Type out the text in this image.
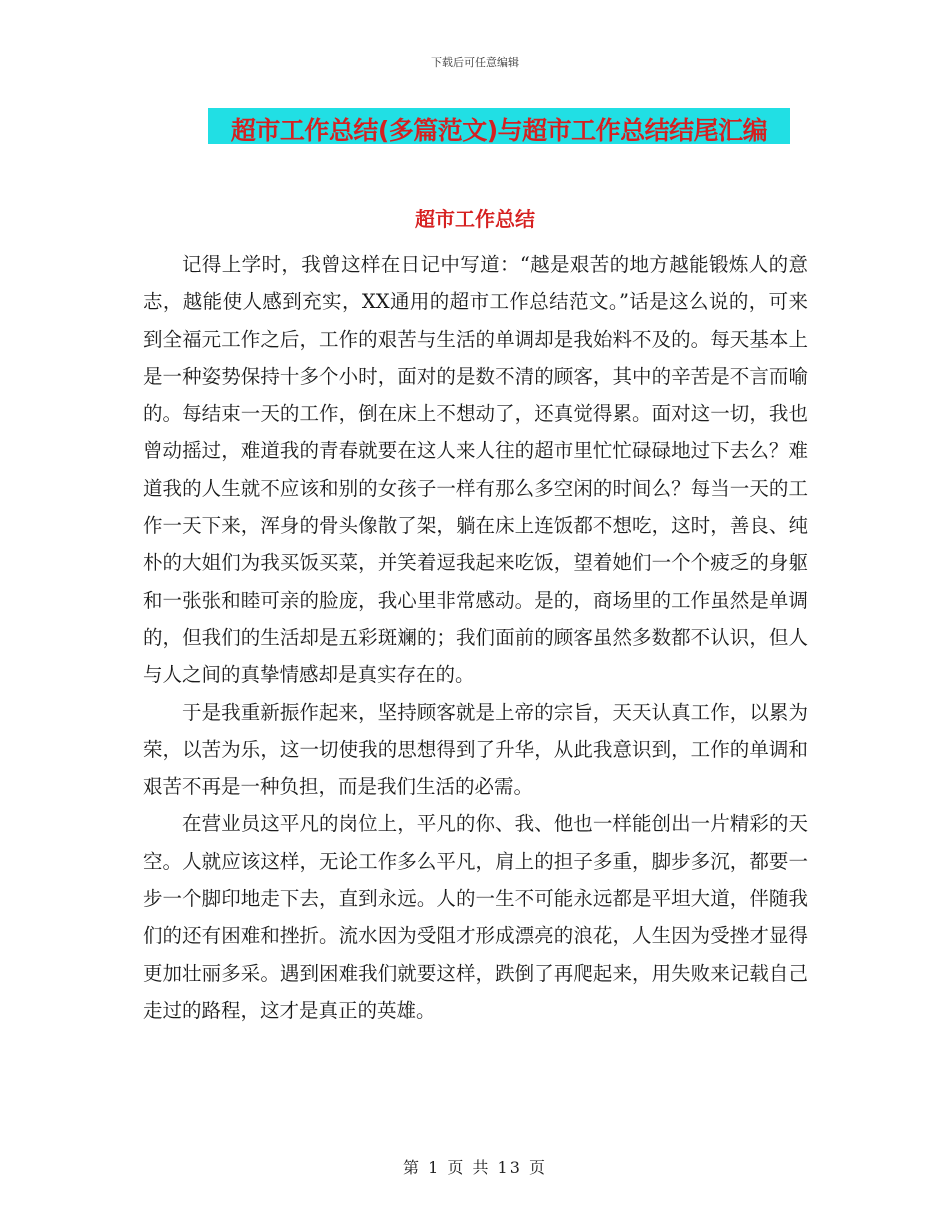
下载后可任意编辑
超市工作总结(多篇范文)与超市工作总结结尾汇编
超市工作总结

记得上学时，我曾这样在日记中写道：“越是艰苦的地方越能锻炼人的意志，越能使人感到充实，XX通用的超市工作总结范文。”话是这么说的，可来到全福元工作之后，工作的艰苦与生活的单调却是我始料不及的。每天基本上是一种姿势保持十多个小时，面对的是数不清的顾客，其中的辛苦是不言而喻的。每结束一天的工作，倒在床上不想动了，还真觉得累。面对这一切，我也曾动摇过，难道我的青春就要在这人来人往的超市里忙忙碌碌地过下去么？难道我的人生就不应该和别的女孩子一样有那么多空闲的时间么？每当一天的工作一天下来，浑身的骨头像散了架，躺在床上连饭都不想吃，这时，善良、纯朴的大姐们为我买饭买菜，并笑着逗我起来吃饭，望着她们一个个疲乏的身躯和一张张和睦可亲的脸庞，我心里非常感动。是的，商场里的工作虽然是单调的，但我们的生活却是五彩斑斓的；我们面前的顾客虽然多数都不认识，但人与人之间的真挚情感却是真实存在的。

于是我重新振作起来，坚持顾客就是上帝的宗旨，天天认真工作，以累为荣，以苦为乐，这一切使我的思想得到了升华，从此我意识到，工作的单调和艰苦不再是一种负担，而是我们生活的必需。

在营业员这平凡的岗位上，平凡的你、我、他也一样能创出一片精彩的天空。人就应该这样，无论工作多么平凡，肩上的担子多重，脚步多沉，都要一步一个脚印地走下去，直到永远。人的一生不可能永远都是平坦大道，伴随我们的还有困难和挫折。流水因为受阻才形成漂亮的浪花，人生因为受挫才显得更加壮丽多采。遇到困难我们就要这样，跌倒了再爬起来，用失败来记载自己走过的路程，这才是真正的英雄。

第 1 页 共 13 页
